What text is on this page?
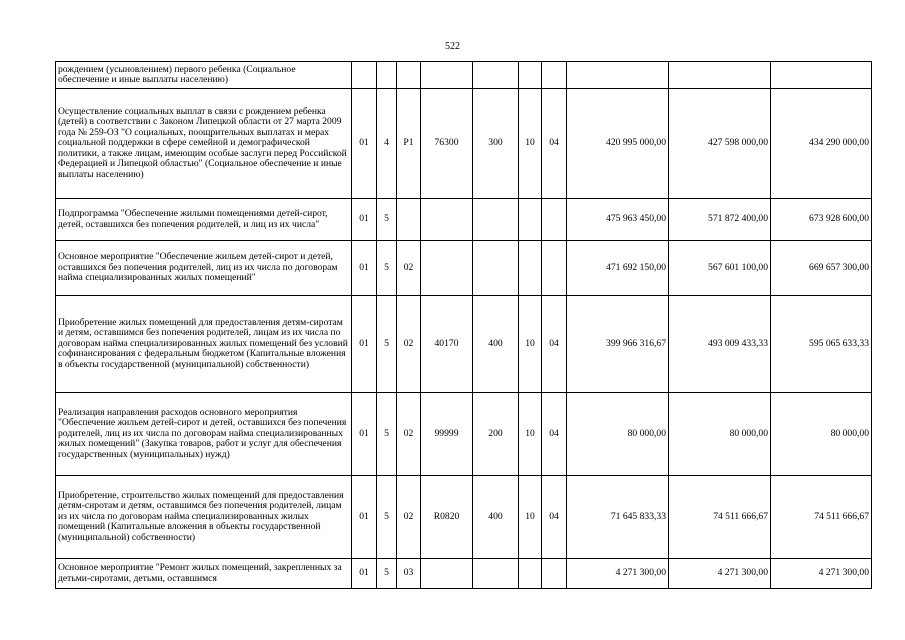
522
рождением (усыновлением) первого ребенка (Социальное обеспечение и иные выплаты населению)										
Осуществление социальных выплат в связи с рождением ребенка (детей) в соответствии с Законом Липецкой области от 27 марта 2009 года № 259-ОЗ "О социальных, поощрительных выплатах и мерах социальной поддержки в сфере семейной и демографической политики, а также лицам, имеющим особые заслуги перед Российской Федерацией и Липецкой областью" (Социальное обеспечение и иные выплаты населению)	01	4	P1	76300	300	10	04	420 995 000,00	427 598 000,00	434 290 000,00
Подпрограмма "Обеспечение жилыми помещениями детей-сирот, детей, оставшихся без попечения родителей, и лиц из их числа"	01	5						475 963 450,00	571 872 400,00	673 928 600,00
Основное мероприятие "Обеспечение жильем детей-сирот и детей, оставшихся без попечения родителей, лиц из их числа по договорам найма специализированных жилых помещений"	01	5	02					471 692 150,00	567 601 100,00	669 657 300,00
Приобретение жилых помещений для предоставления детям-сиротам и детям, оставшимся без попечения родителей, лицам из их числа по договорам найма специализированных жилых помещений без условий софинансирования с федеральным бюджетом (Капитальные вложения в объекты государственной (муниципальной) собственности)	01	5	02	40170	400	10	04	399 966 316,67	493 009 433,33	595 065 633,33
Реализация направления расходов основного мероприятия "Обеспечение жильем детей-сирот и детей, оставшихся без попечения родителей, лиц из их числа по договорам найма специализированных жилых помещений" (Закупка товаров, работ и услуг для обеспечения государственных (муниципальных) нужд)	01	5	02	99999	200	10	04	80 000,00	80 000,00	80 000,00
Приобретение, строительство жилых помещений для предоставления детям-сиротам и детям, оставшимся без попечения родителей, лицам из их числа по договорам найма специализированных жилых помещений (Капитальные вложения в объекты государственной (муниципальной) собственности)	01	5	02	R0820	400	10	04	71 645 833,33	74 511 666,67	74 511 666,67
Основное мероприятие "Ремонт жилых помещений, закрепленных за детьми-сиротами, детьми, оставшимся	01	5	03					4 271 300,00	4 271 300,00	4 271 300,00
